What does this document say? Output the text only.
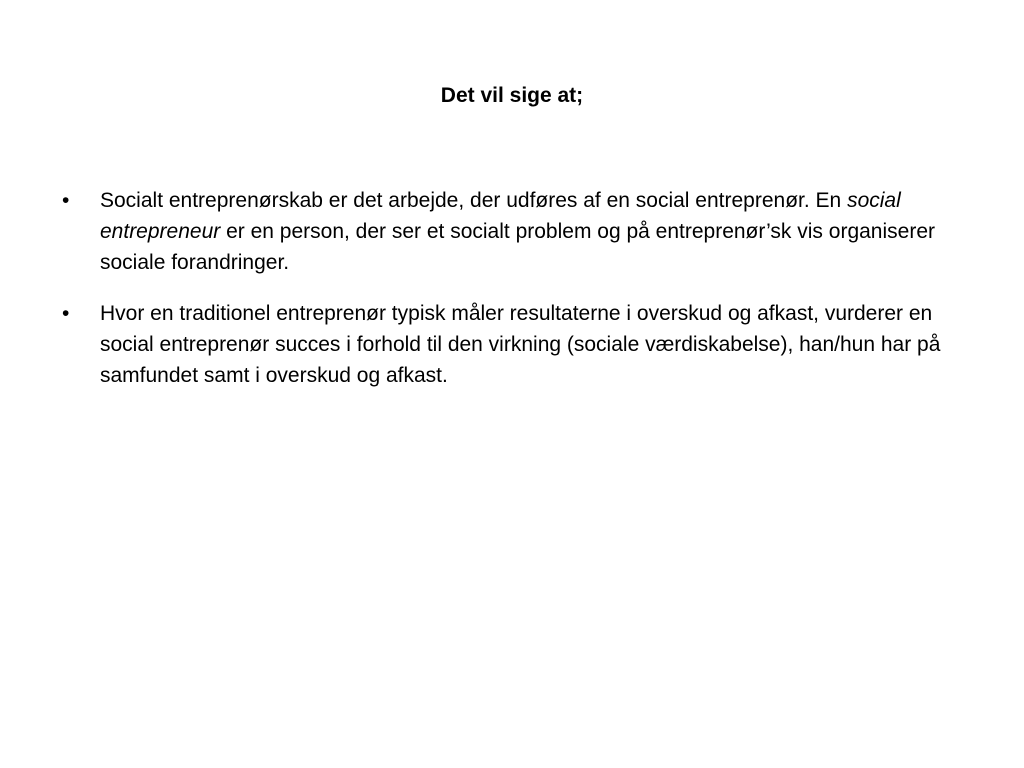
Det vil sige at;
• Socialt entreprenørskab er det arbejde, der udføres af en social entreprenør. En social entrepreneur er en person, der ser et socialt problem og på entreprenør’sk vis organiserer sociale forandringer.
• Hvor en traditionel entreprenør typisk måler resultaterne i overskud og afkast, vurderer en social entreprenør succes i forhold til den virkning (sociale værdiskabelse), han/hun har på samfundet samt i overskud og afkast.
